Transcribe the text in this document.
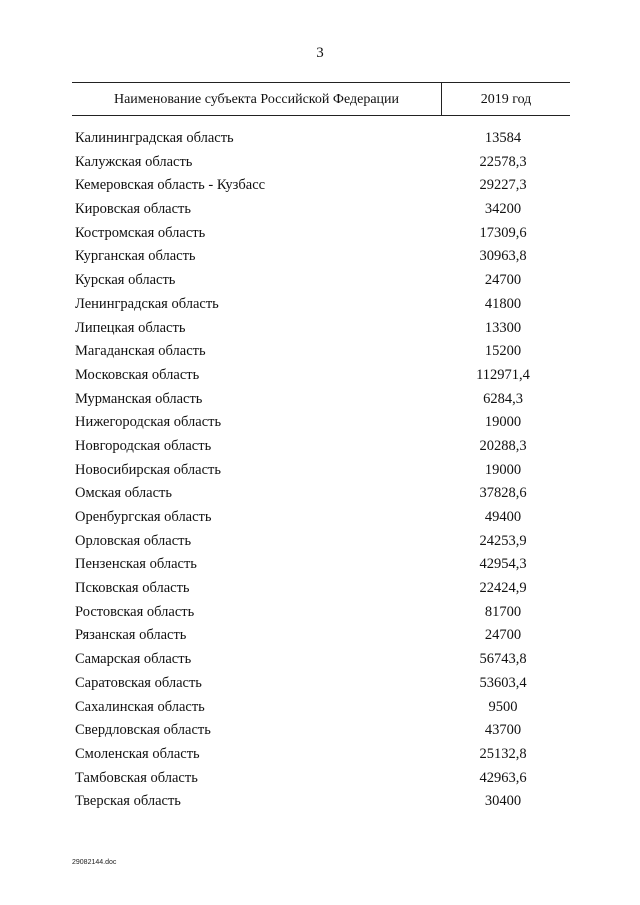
3
Наименование субъекта Российской Федерации	2019 год
Калининградская область	13584
Калужская область	22578,3
Кемеровская область - Кузбасс	29227,3
Кировская область	34200
Костромская область	17309,6
Курганская область	30963,8
Курская область	24700
Ленинградская область	41800
Липецкая область	13300
Магаданская область	15200
Московская область	112971,4
Мурманская область	6284,3
Нижегородская область	19000
Новгородская область	20288,3
Новосибирская область	19000
Омская область	37828,6
Оренбургская область	49400
Орловская область	24253,9
Пензенская область	42954,3
Псковская область	22424,9
Ростовская область	81700
Рязанская область	24700
Самарская область	56743,8
Саратовская область	53603,4
Сахалинская область	9500
Свердловская область	43700
Смоленская область	25132,8
Тамбовская область	42963,6
Тверская область	30400
29082144.doc
